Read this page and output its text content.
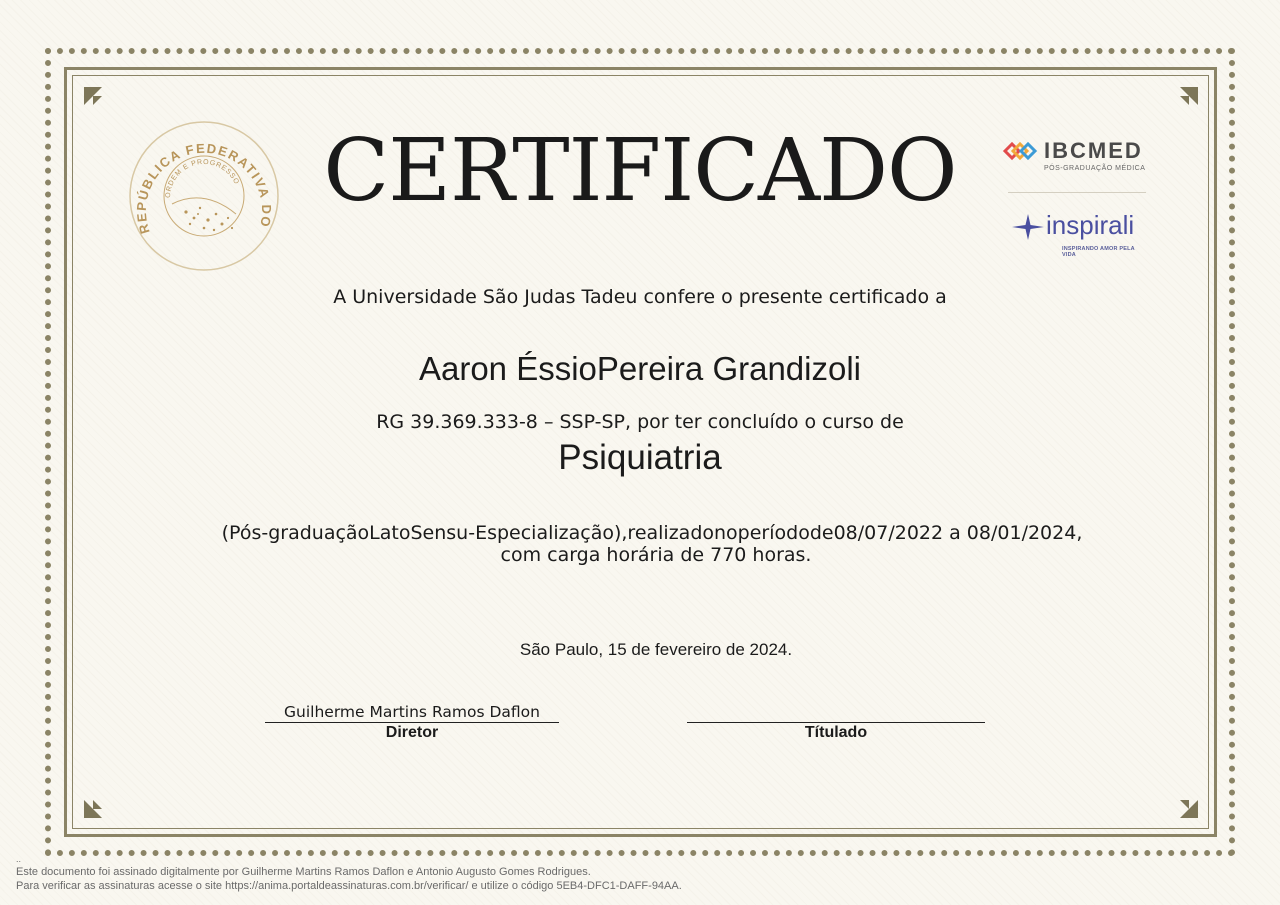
REPÚBLICA FEDERATIVA DO
ORDEM E PROGRESSO CERTIFICADO	IBCMED
PÓS-GRADUAÇÃO MÉDICA
inspirali
INSPIRANDO AMOR PELA VIDA
A Universidade São Judas Tadeu confere o presente certificado a
Aaron ÉssioPereira Grandizoli
RG 39.369.333-8 – SSP-SP, por ter concluído o curso de
Psiquiatria
(Pós-graduaçãoLatoSensu-Especialização),realizadonoperíodode08/07/2022 a 08/01/2024,
com carga horária de 770 horas.
São Paulo, 15 de fevereiro de 2024.
Guilherme Martins Ramos Daflon
Diretor	Títulado
..
Este documento foi assinado digitalmente por Guilherme Martins Ramos Daflon e Antonio Augusto Gomes Rodrigues.
Para verificar as assinaturas acesse o site https://anima.portaldeassinaturas.com.br/verificar/ e utilize o código 5EB4-DFC1-DAFF-94AA.
